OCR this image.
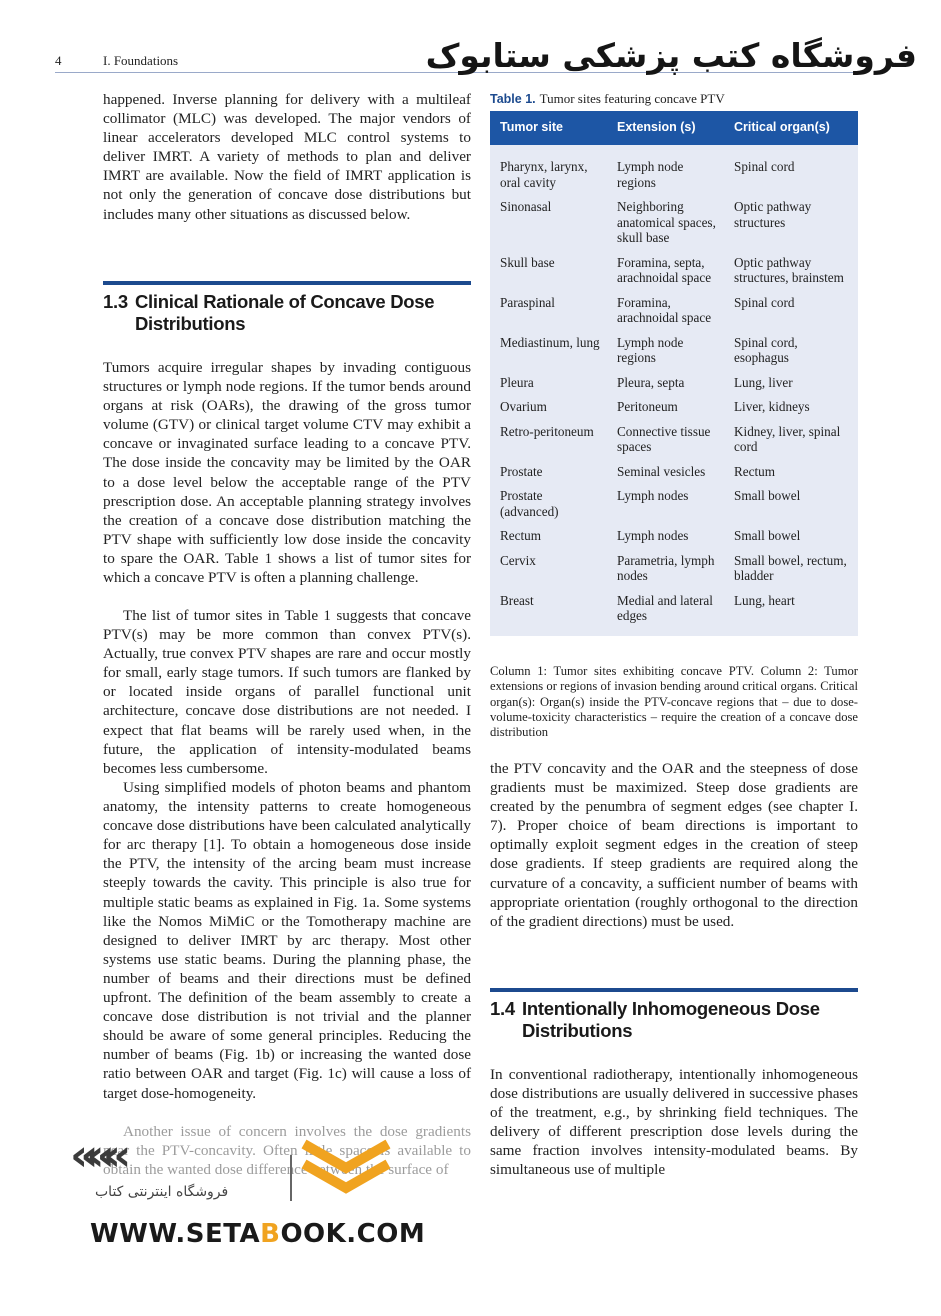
4	I. Foundations	فروشگاه کتب پزشکی ستابوک

happened. Inverse planning for delivery with a multileaf collimator (MLC) was developed. The major vendors of linear accelerators developed MLC control systems to deliver IMRT. A variety of methods to plan and deliver IMRT are available. Now the field of IMRT application is not only the generation of concave dose distributions but includes many other situations as discussed below.

1.3 Clinical Rationale of Concave Dose
Distributions

Tumors acquire irregular shapes by invading contiguous structures or lymph node regions. If the tumor bends around organs at risk (OARs), the drawing of the gross tumor volume (GTV) or clinical target volume CTV may exhibit a concave or invaginated surface leading to a concave PTV. The dose inside the concavity may be limited by the OAR to a dose level below the acceptable range of the PTV prescription dose. An acceptable planning strategy involves the creation of a concave dose distribution matching the PTV shape with sufficiently low dose inside the concavity to spare the OAR. Table 1 shows a list of tumor sites for which a concave PTV is often a planning challenge.

The list of tumor sites in Table 1 suggests that concave PTV(s) may be more common than convex PTV(s). Actually, true convex PTV shapes are rare and occur mostly for small, early stage tumors. If such tumors are flanked by or located inside organs of parallel functional unit architecture, concave dose distributions are not needed. I expect that flat beams will be rarely used when, in the future, the application of intensity-modulated beams becomes less cumbersome.

Using simplified models of photon beams and phantom anatomy, the intensity patterns to create homogeneous concave dose distributions have been calculated analytically for arc therapy [1]. To obtain a homogeneous dose inside the PTV, the intensity of the arcing beam must increase steeply towards the cavity. This principle is also true for multiple static beams as explained in Fig. 1a. Some systems like the Nomos MiMiC or the Tomotherapy machine are designed to deliver IMRT by arc therapy. Most other systems use static beams. During the planning phase, the number of beams and their directions must be defined upfront. The definition of the beam assembly to create a concave dose distribution is not trivial and the planner should be aware of some general principles. Reducing the number of beams (Fig. 1b) or increasing the wanted dose ratio between OAR and target (Fig. 1c) will cause a loss of target dose-homogeneity.

Table 1. Tumor sites featuring concave PTV
Tumor site	Extension (s)	Critical organ(s)
Pharynx, larynx, oral cavity	Lymph node regions	Spinal cord
Sinonasal	Neighboring anatomical spaces, skull base	Optic pathway structures
Skull base	Foramina, septa, arachnoidal space	Optic pathway structures, brainstem
Paraspinal	Foramina, arachnoidal space	Spinal cord
Mediastinum, lung	Lymph node regions	Spinal cord, esophagus
Pleura	Pleura, septa	Lung, liver
Ovarium	Peritoneum	Liver, kidneys
Retro-peritoneum	Connective tissue spaces	Kidney, liver, spinal cord
Prostate	Seminal vesicles	Rectum
Prostate (advanced)	Lymph nodes	Small bowel
Rectum	Lymph nodes	Small bowel
Cervix	Parametria, lymph nodes	Small bowel, rectum, bladder
Breast	Medial and lateral edges	Lung, heart
Column 1: Tumor sites exhibiting concave PTV. Column 2: Tumor extensions or regions of invasion bending around critical organs. Critical organ(s): Organ(s) inside the PTV-concave regions that – due to dose-volume-toxicity characteristics – require the creation of a concave dose distribution

the PTV concavity and the OAR and the steepness of dose gradients must be maximized. Steep dose gradients are created by the penumbra of segment edges (see chapter I. 7). Proper choice of beam directions is important to optimally exploit segment edges in the creation of steep dose gradients. If steep gradients are required along the curvature of a concavity, a sufficient number of beams with appropriate orientation (roughly orthogonal to the direction of the gradient directions) must be used.

1.4 Intentionally Inhomogeneous Dose
Distributions

In conventional radiotherapy, intentionally inhomogeneous dose distributions are usually delivered in successive phases of the treatment, e.g., by shrinking field techniques. The delivery of different prescription dose levels during the same fraction involves intensity-modulated beams. By simultaneous use of multiple

«««
فروشگاه اینترنتی کتاب
WWW.SETABOOK.COM
